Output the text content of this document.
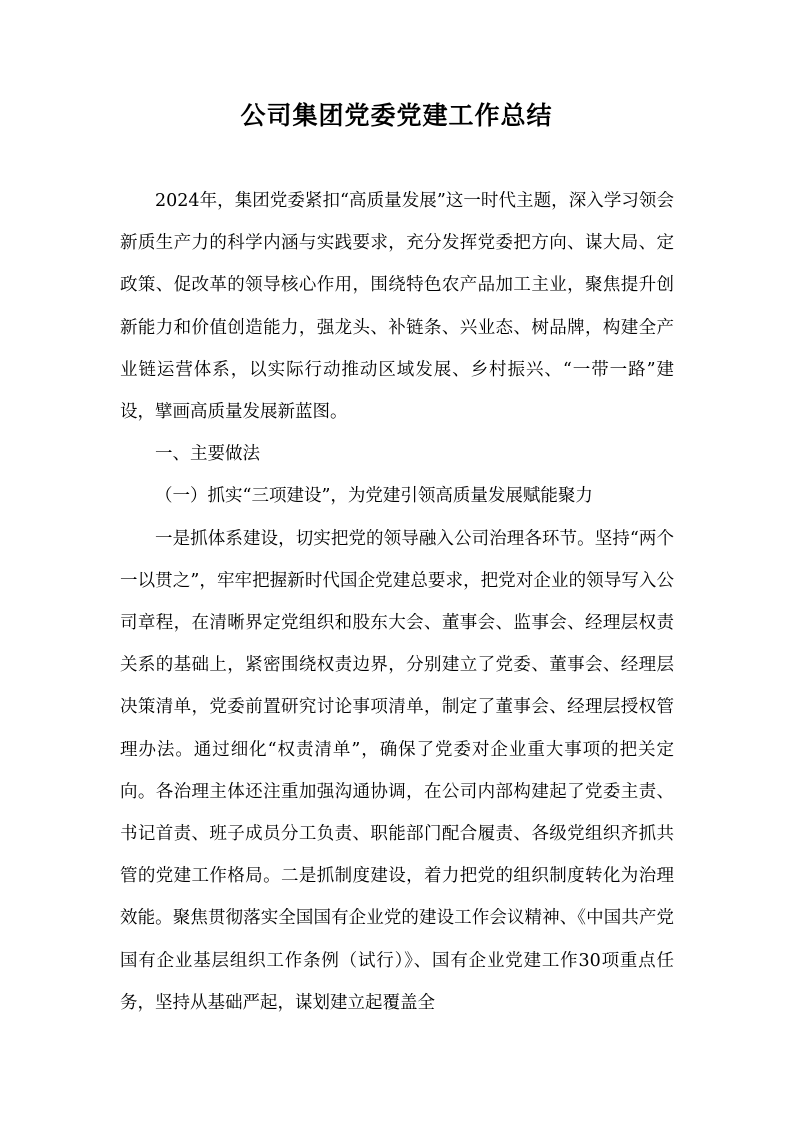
公司集团党委党建工作总结

2024年，集团党委紧扣“高质量发展”这一时代主题，深入学习领会新质生产力的科学内涵与实践要求，充分发挥党委把方向、谋大局、定政策、促改革的领导核心作用，围绕特色农产品加工主业，聚焦提升创新能力和价值创造能力，强龙头、补链条、兴业态、树品牌，构建全产业链运营体系，以实际行动推动区域发展、乡村振兴、“一带一路”建设，擘画高质量发展新蓝图。

一、主要做法

（一）抓实“三项建设”，为党建引领高质量发展赋能聚力

一是抓体系建设，切实把党的领导融入公司治理各环节。坚持“两个一以贯之”，牢牢把握新时代国企党建总要求，把党对企业的领导写入公司章程，在清晰界定党组织和股东大会、董事会、监事会、经理层权责关系的基础上，紧密围绕权责边界，分别建立了党委、董事会、经理层决策清单，党委前置研究讨论事项清单，制定了董事会、经理层授权管理办法。通过细化“权责清单”，确保了党委对企业重大事项的把关定向。各治理主体还注重加强沟通协调，在公司内部构建起了党委主责、书记首责、班子成员分工负责、职能部门配合履责、各级党组织齐抓共管的党建工作格局。二是抓制度建设，着力把党的组织制度转化为治理效能。聚焦贯彻落实全国国有企业党的建设工作会议精神、《中国共产党国有企业基层组织工作条例（试行）》、国有企业党建工作30项重点任务，坚持从基础严起，谋划建立起覆盖全
